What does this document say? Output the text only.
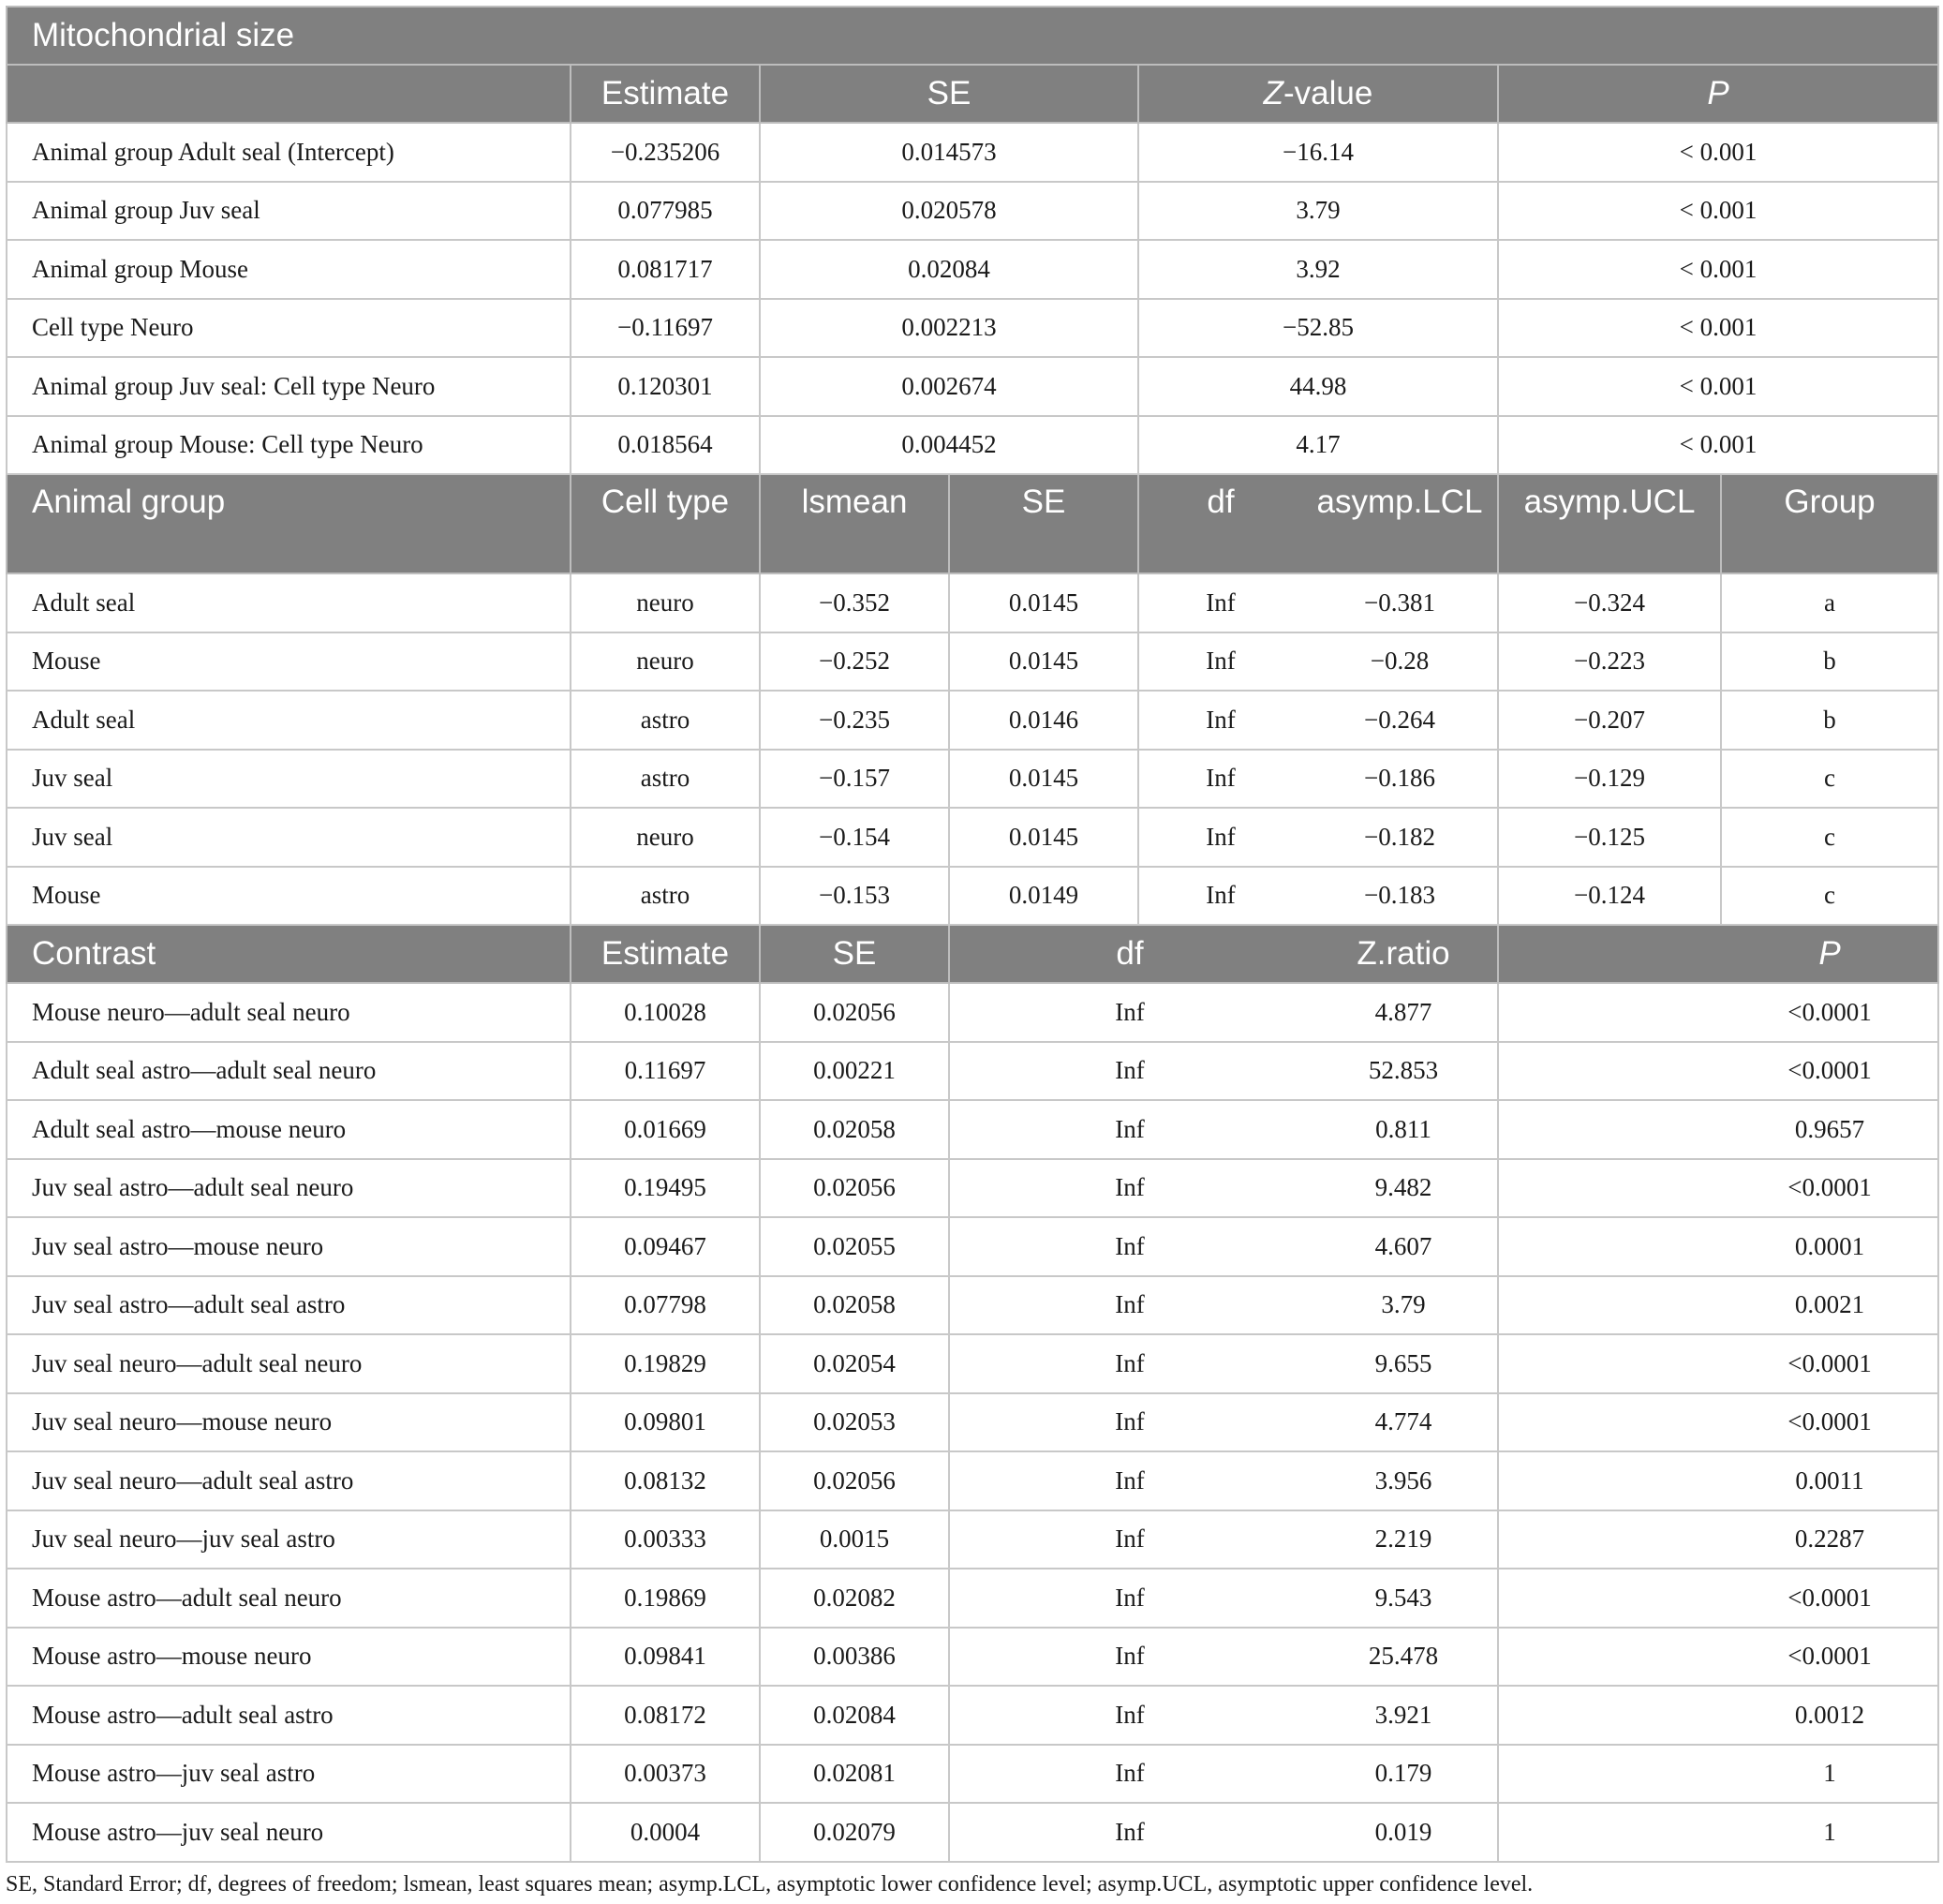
Mitochondrial size						
	Estimate	SE		Z-value	P	
Animal group Adult seal (Intercept)	−0.235206	0.014573		−16.14	< 0.001	
Animal group Juv seal	0.077985	0.020578		3.79	< 0.001	
Animal group Mouse	0.081717	0.02084		3.92	< 0.001	
Cell type Neuro	−0.11697	0.002213		−52.85	< 0.001	
Animal group Juv seal: Cell type Neuro	0.120301	0.002674		44.98	< 0.001	
Animal group Mouse: Cell type Neuro	0.018564	0.004452		4.17	< 0.001	
Animal group	Cell type	lsmean	SE	df asymp.LCL	asymp.UCL	Group
Adult seal	neuro	−0.352	0.0145	Inf −0.381	−0.324	a
Mouse	neuro	−0.252	0.0145	Inf −0.28	−0.223	b
Adult seal	astro	−0.235	0.0146	Inf −0.264	−0.207	b
Juv seal	astro	−0.157	0.0145	Inf −0.186	−0.129	c
Juv seal	neuro	−0.154	0.0145	Inf −0.182	−0.125	c
Mouse	astro	−0.153	0.0149	Inf −0.183	−0.124	c
Contrast	Estimate	SE	df Z.ratio		P	

Mouse neuro—adult seal neuro	0.10028	0.02056	Inf 4.877		<0.0001	

Adult seal astro—adult seal neuro	0.11697	0.00221	Inf 52.853		<0.0001	

Adult seal astro—mouse neuro	0.01669	0.02058	Inf 0.811		0.9657	

Juv seal astro—adult seal neuro	0.19495	0.02056	Inf 9.482		<0.0001	

Juv seal astro—mouse neuro	0.09467	0.02055	Inf 4.607		0.0001	

Juv seal astro—adult seal astro	0.07798	0.02058	Inf 3.79		0.0021	

Juv seal neuro—adult seal neuro	0.19829	0.02054	Inf 9.655		<0.0001	

Juv seal neuro—mouse neuro	0.09801	0.02053	Inf 4.774		<0.0001	

Juv seal neuro—adult seal astro	0.08132	0.02056	Inf 3.956		0.0011	

Juv seal neuro—juv seal astro	0.00333	0.0015	Inf 2.219		0.2287	

Mouse astro—adult seal neuro	0.19869	0.02082	Inf 9.543		<0.0001	

Mouse astro—mouse neuro	0.09841	0.00386	Inf 25.478		<0.0001	

Mouse astro—adult seal astro	0.08172	0.02084	Inf 3.921		0.0012	

Mouse astro—juv seal astro	0.00373	0.02081	Inf 0.179		1	

Mouse astro—juv seal neuro	0.0004	0.02079	Inf 0.019		1	
SE, Standard Error; df, degrees of freedom; lsmean, least squares mean; asymp.LCL, asymptotic lower confidence level; asymp.UCL, asymptotic upper confidence level.
